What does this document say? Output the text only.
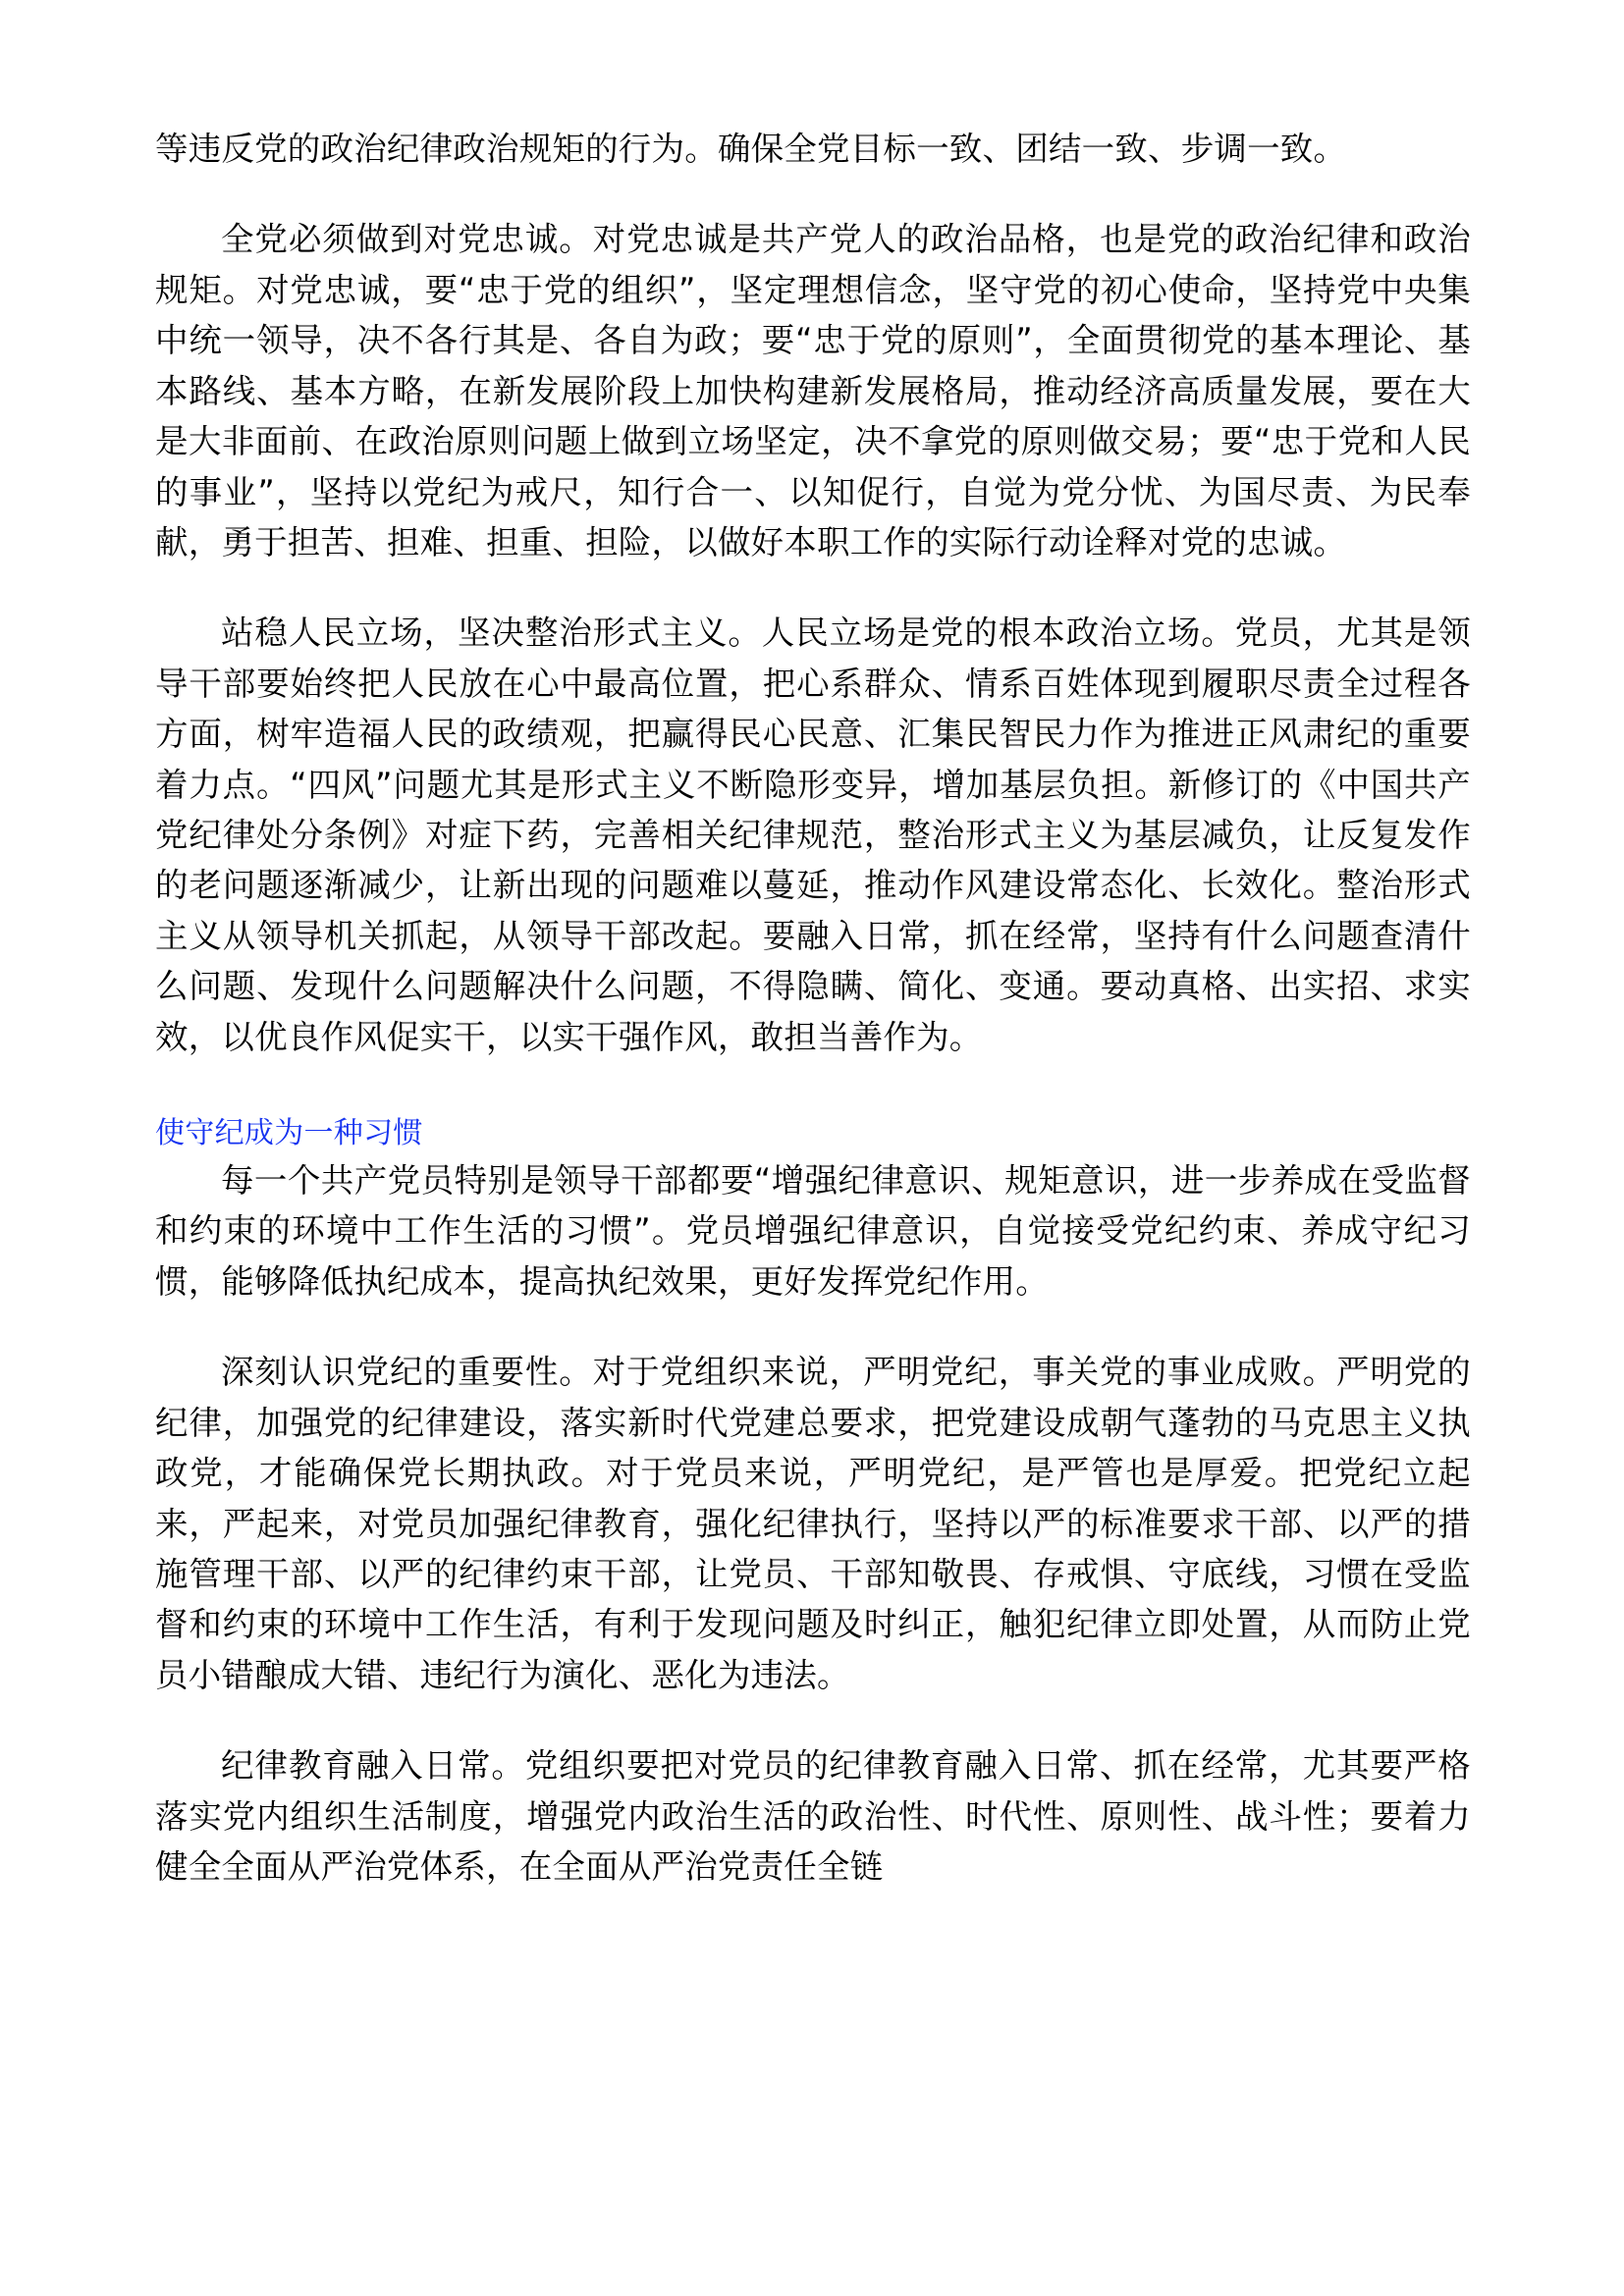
等违反党的政治纪律政治规矩的行为。确保全党目标一致、团结一致、步调一致。

全党必须做到对党忠诚。对党忠诚是共产党人的政治品格，也是党的政治纪律和政治规矩。对党忠诚，要“忠于党的组织”，坚定理想信念，坚守党的初心使命，坚持党中央集中统一领导，决不各行其是、各自为政；要“忠于党的原则”，全面贯彻党的基本理论、基本路线、基本方略，在新发展阶段上加快构建新发展格局，推动经济高质量发展，要在大是大非面前、在政治原则问题上做到立场坚定，决不拿党的原则做交易；要“忠于党和人民的事业”，坚持以党纪为戒尺，知行合一、以知促行，自觉为党分忧、为国尽责、为民奉献，勇于担苦、担难、担重、担险，以做好本职工作的实际行动诠释对党的忠诚。

站稳人民立场，坚决整治形式主义。人民立场是党的根本政治立场。党员，尤其是领导干部要始终把人民放在心中最高位置，把心系群众、情系百姓体现到履职尽责全过程各方面，树牢造福人民的政绩观，把赢得民心民意、汇集民智民力作为推进正风肃纪的重要着力点。“四风”问题尤其是形式主义不断隐形变异，增加基层负担。新修订的《中国共产党纪律处分条例》对症下药，完善相关纪律规范，整治形式主义为基层减负，让反复发作的老问题逐渐减少，让新出现的问题难以蔓延，推动作风建设常态化、长效化。整治形式主义从领导机关抓起，从领导干部改起。要融入日常，抓在经常，坚持有什么问题查清什么问题、发现什么问题解决什么问题，不得隐瞒、简化、变通。要动真格、出实招、求实效，以优良作风促实干，以实干强作风，敢担当善作为。

使守纪成为一种习惯

每一个共产党员特别是领导干部都要“增强纪律意识、规矩意识，进一步养成在受监督和约束的环境中工作生活的习惯”。党员增强纪律意识，自觉接受党纪约束、养成守纪习惯，能够降低执纪成本，提高执纪效果，更好发挥党纪作用。

深刻认识党纪的重要性。对于党组织来说，严明党纪，事关党的事业成败。严明党的纪律，加强党的纪律建设，落实新时代党建总要求，把党建设成朝气蓬勃的马克思主义执政党，才能确保党长期执政。对于党员来说，严明党纪，是严管也是厚爱。把党纪立起来，严起来，对党员加强纪律教育，强化纪律执行，坚持以严的标准要求干部、以严的措施管理干部、以严的纪律约束干部，让党员、干部知敬畏、存戒惧、守底线，习惯在受监督和约束的环境中工作生活，有利于发现问题及时纠正，触犯纪律立即处置，从而防止党员小错酿成大错、违纪行为演化、恶化为违法。

纪律教育融入日常。党组织要把对党员的纪律教育融入日常、抓在经常，尤其要严格落实党内组织生活制度，增强党内政治生活的政治性、时代性、原则性、战斗性；要着力健全全面从严治党体系，在全面从严治党责任全链
